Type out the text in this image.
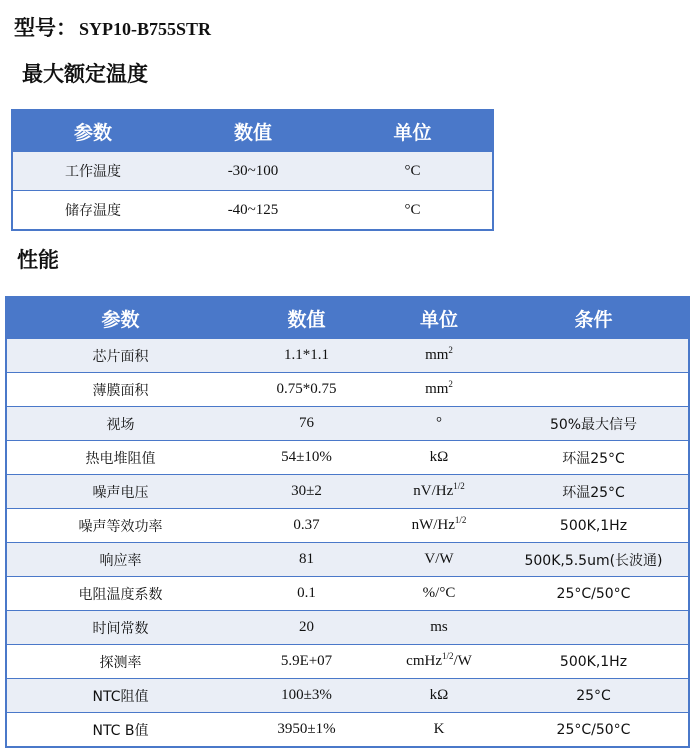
型号： SYP10-B755STR
最大额定温度
参数	数值	单位
工作温度	-30~100	°C
储存温度	-40~125	°C
性能
参数	数值	单位	条件
芯片面积	1.1*1.1	$mm^2$	
薄膜面积	0.75*0.75	$mm^2$	
视场	76	°	50%最大信号
热电堆阻值	54±10%	kΩ	环温25°C
噪声电压	30±2	$nV/Hz^{1/2}$	环温25°C
噪声等效功率	0.37	$nW/Hz^{1/2}$	500K,1Hz
响应率	81	V/W	500K,5.5um(长波通)
电阻温度系数	0.1	%/°C	25°C/50°C
时间常数	20	ms	
探测率	5.9E+07	cmHz$^{1/2}$/W	500K,1Hz
NTC阻值	100±3%	kΩ	25°C
NTC B值	3950±1%	K	25°C/50°C
